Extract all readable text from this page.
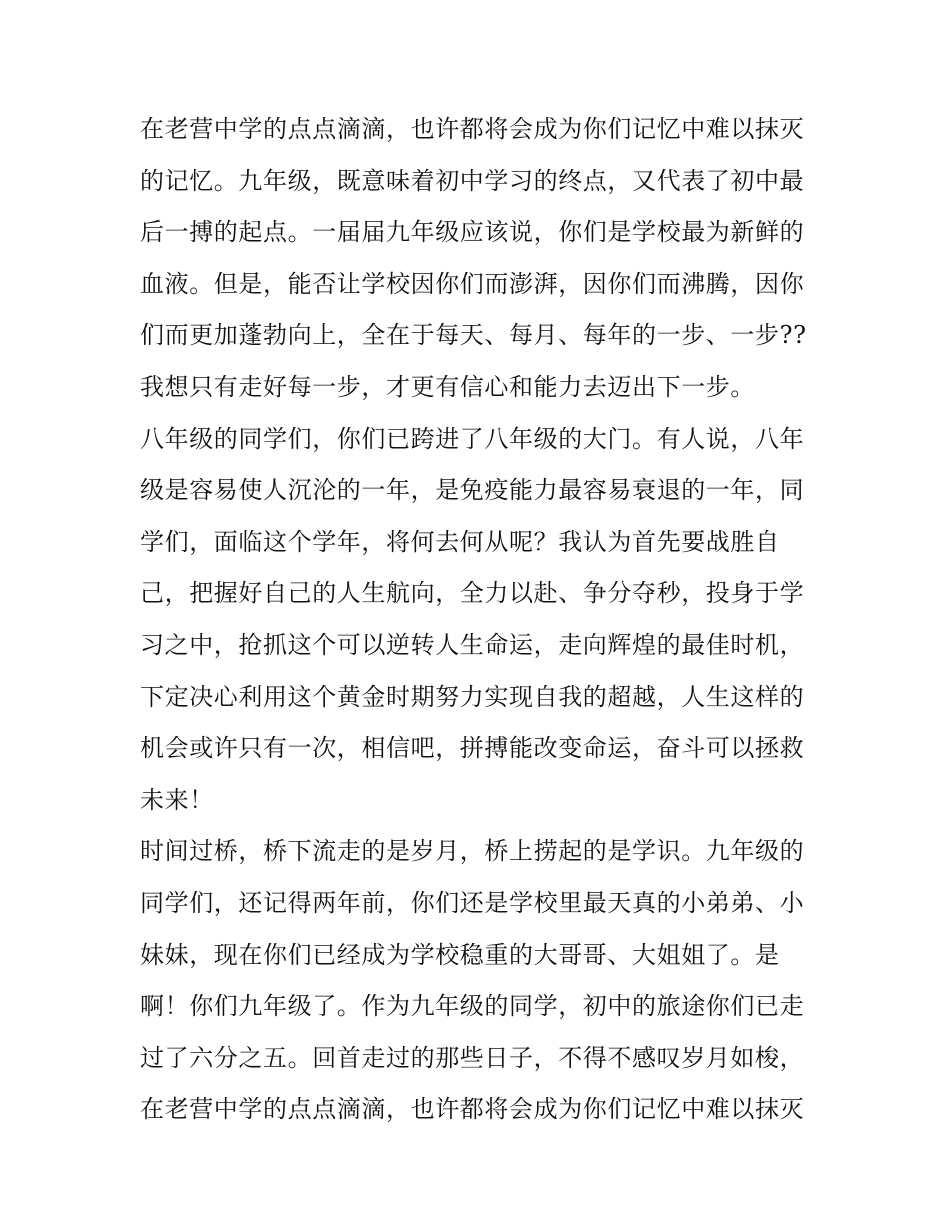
在老营中学的点点滴滴，也许都将会成为你们记忆中难以抹灭
的记忆。九年级，既意味着初中学习的终点，又代表了初中最
后一搏的起点。一届届九年级应该说，你们是学校最为新鲜的
血液。但是，能否让学校因你们而澎湃，因你们而沸腾，因你
们而更加蓬勃向上，全在于每天、每月、每年的一步、一步??
我想只有走好每一步，才更有信心和能力去迈出下一步。
八年级的同学们，你们已跨进了八年级的大门。有人说，八年
级是容易使人沉沦的一年，是免疫能力最容易衰退的一年，同
学们，面临这个学年，将何去何从呢？我认为首先要战胜自
己，把握好自己的人生航向，全力以赴、争分夺秒，投身于学
习之中，抢抓这个可以逆转人生命运，走向辉煌的最佳时机，
下定决心利用这个黄金时期努力实现自我的超越，人生这样的
机会或许只有一次，相信吧，拼搏能改变命运，奋斗可以拯救
未来！
时间过桥，桥下流走的是岁月，桥上捞起的是学识。九年级的
同学们，还记得两年前，你们还是学校里最天真的小弟弟、小
妹妹，现在你们已经成为学校稳重的大哥哥、大姐姐了。是
啊！你们九年级了。作为九年级的同学，初中的旅途你们已走
过了六分之五。回首走过的那些日子，不得不感叹岁月如梭，
在老营中学的点点滴滴，也许都将会成为你们记忆中难以抹灭
